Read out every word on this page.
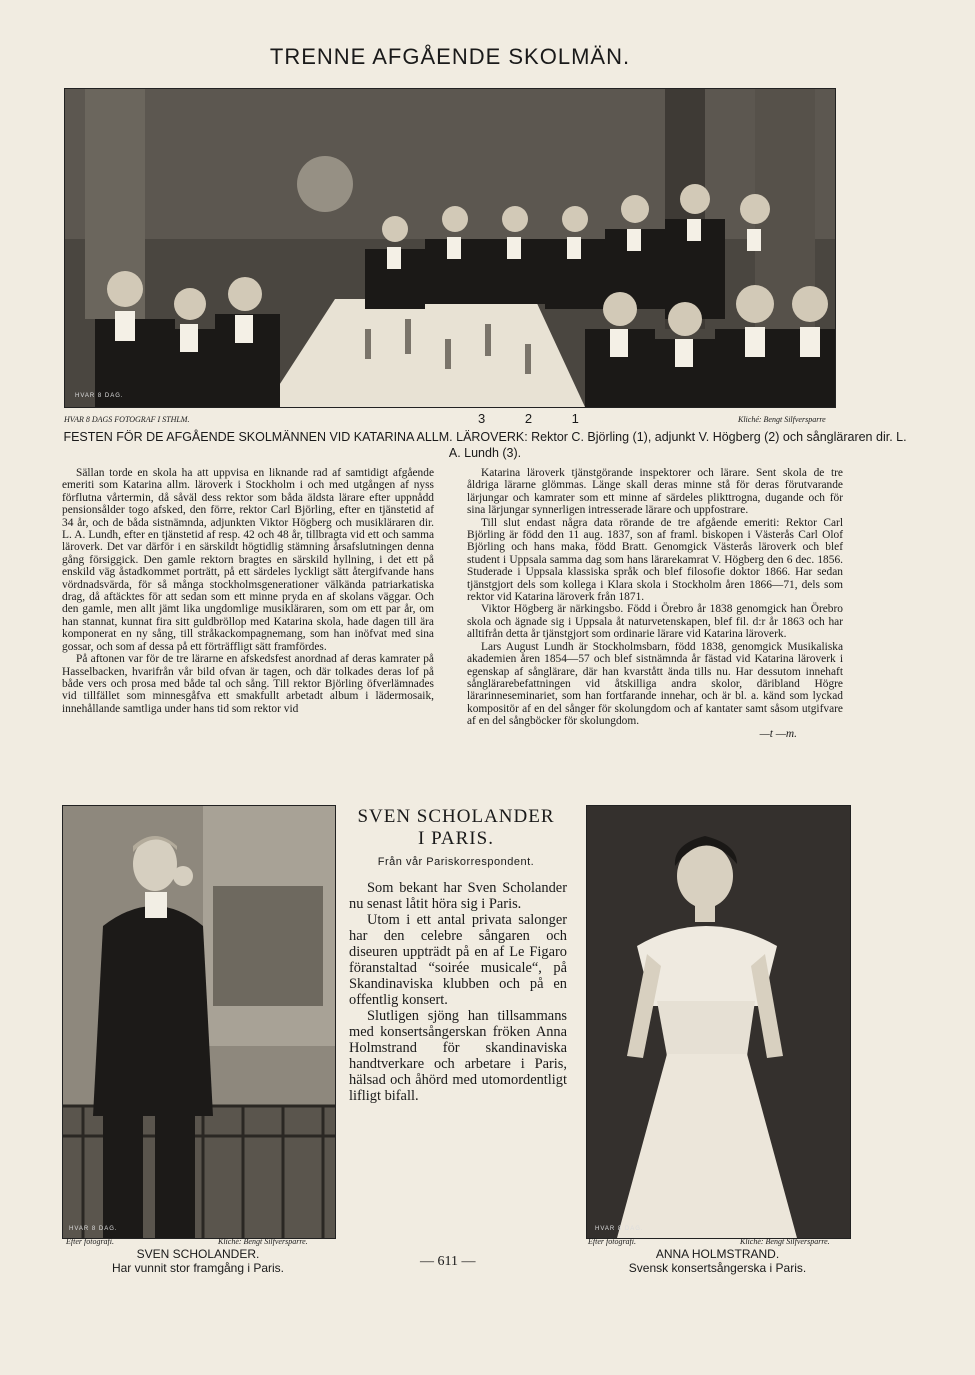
TRENNE AFGÅENDE SKOLMÄN.
HVAR 8 DAG.
HVAR 8 DAGS FOTOGRAF I STHLM.	3 2 1	Kliché: Bengt Silfversparre
FESTEN FÖR DE AFGÅENDE SKOLMÄNNEN VID KATARINA ALLM. LÄROVERK: Rektor C. Björling (1), adjunkt V. Högberg (2) och sångläraren dir. L. A. Lundh (3).

Sällan torde en skola ha att uppvisa en liknande rad af samtidigt afgående emeriti som Katarina allm. läroverk i Stockholm i och med utgången af nyss förflutna vårtermin, då såväl dess rektor som båda äldsta lärare efter uppnådd pensionsålder togo afsked, den förre, rektor Carl Björling, efter en tjänstetid af 34 år, och de båda sistnämnda, adjunkten Viktor Högberg och musikläraren dir. L. A. Lundh, efter en tjänstetid af resp. 42 och 48 år, tillbragta vid ett och samma läroverk. Det var därför i en särskildt högtidlig stämning årsafslutningen denna gång försiggick. Den gamle rektorn bragtes en särskild hyllning, i det ett på enskild väg åstadkommet porträtt, på ett särdeles lyckligt sätt återgifvande hans vördnadsvärda, för så många stockholmsgenerationer välkända patriarkatiska drag, då aftäcktes för att sedan som ett minne pryda en af skolans väggar. Och den gamle, men allt jämt lika ungdomlige musikläraren, som om ett par år, om han stannat, kunnat fira sitt guldbröllop med Katarina skola, hade dagen till ära komponerat en ny sång, till stråkackompagnemang, som han inöfvat med sina gossar, och som af dessa på ett förträffligt sätt framfördes.

På aftonen var för de tre lärarne en afskedsfest anordnad af deras kamrater på Hasselbacken, hvarifrån vår bild ofvan är tagen, och där tolkades deras lof på både vers och prosa med både tal och sång. Till rektor Björling öfverlämnades vid tillfället som minnesgåfva ett smakfullt arbetadt album i lädermosaik, innehållande samtliga under hans tid som rektor vid

Katarina läroverk tjänstgörande inspektorer och lärare. Sent skola de tre åldriga lärarne glömmas. Länge skall deras minne stå för deras förutvarande lärjungar och kamrater som ett minne af särdeles plikttrogna, dugande och för sina lärjungar synnerligen intresserade lärare och uppfostrare.

Till slut endast några data rörande de tre afgående emeriti: Rektor Carl Björling är född den 11 aug. 1837, son af framl. biskopen i Västerås Carl Olof Björling och hans maka, född Bratt. Genomgick Västerås läroverk och blef student i Uppsala samma dag som hans lärarekamrat V. Högberg den 6 dec. 1856. Studerade i Uppsala klassiska språk och blef filosofie doktor 1866. Har sedan tjänstgjort dels som kollega i Klara skola i Stockholm åren 1866—71, dels som rektor vid Katarina läroverk från 1871.

Viktor Högberg är närkingsbo. Född i Örebro år 1838 genomgick han Örebro skola och ägnade sig i Uppsala åt naturvetenskapen, blef fil. d:r år 1863 och har alltifrån detta år tjänstgjort som ordinarie lärare vid Katarina läroverk.

Lars August Lundh är Stockholmsbarn, född 1838, genomgick Musikaliska akademien åren 1854—57 och blef sistnämnda år fästad vid Katarina läroverk i egenskap af sånglärare, där han kvarstått ända tills nu. Har dessutom innehaft sånglärarebefattningen vid åtskilliga andra skolor, däribland Högre lärarinneseminariet, som han fortfarande innehar, och är bl. a. känd som lyckad kompositör af en del sånger för skolungdom och af kantater samt såsom utgifvare af en del sångböcker för skolungdom.

—t —m.
HVAR 8 DAG.
Efter fotografi.	Kliché: Bengt Silfversparre.
SVEN SCHOLANDER.
Har vunnit stor framgång i Paris.
SVEN SCHOLANDER
I PARIS.
Från vår Pariskorrespondent.

Som bekant har Sven Scholander nu senast låtit höra sig i Paris.

Utom i ett antal privata salonger har den celebre sångaren och diseuren uppträdt på en af Le Figaro föranstaltad “soirée musicale“, på Skandinaviska klubben och på en offentlig konsert.

Slutligen sjöng han tillsammans med konsertsångerskan fröken Anna Holmstrand för skandinaviska handtverkare och arbetare i Paris, hälsad och åhörd med utomordentligt lifligt bifall.

HVAR 8 DAG.
Efter fotografi.	Kliché: Bengt Silfversparre.
ANNA HOLMSTRAND.
Svensk konsertsångerska i Paris.
— 611 —
